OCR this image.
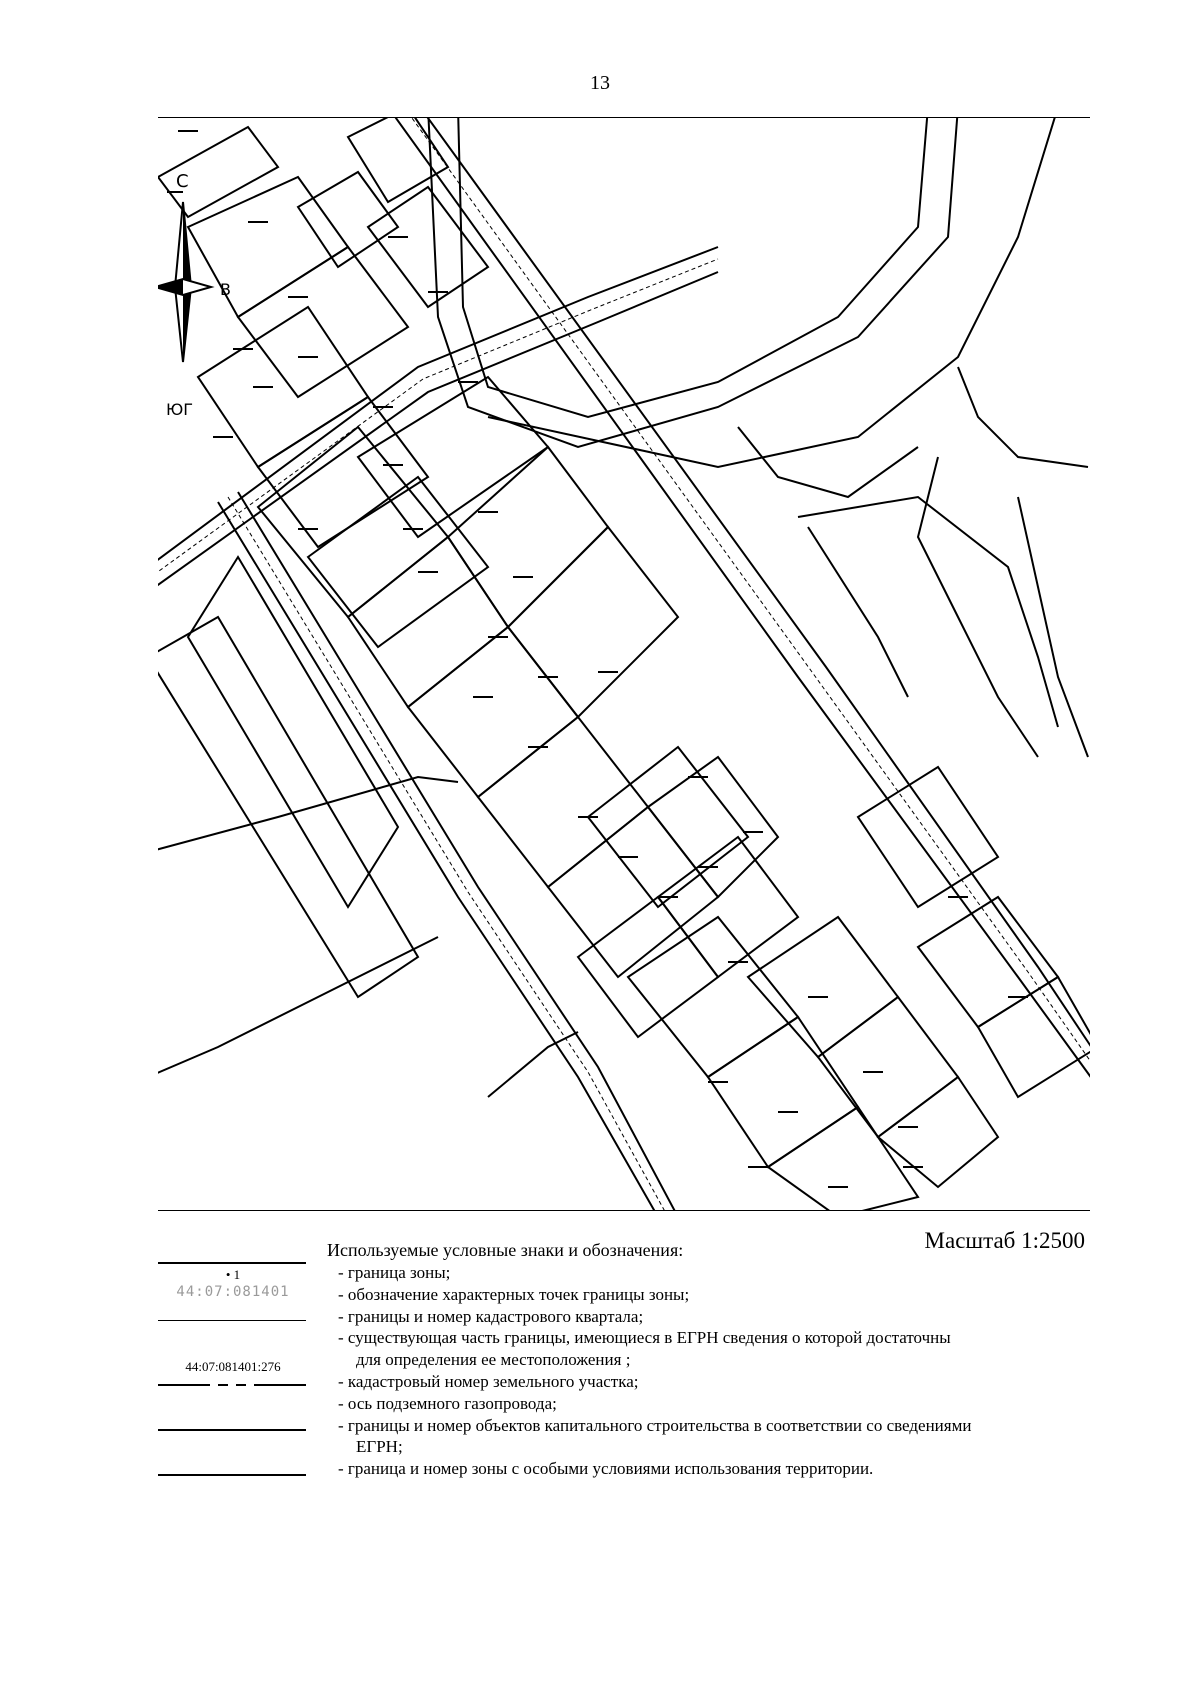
13
С
В
ЮГ
Масштаб 1:2500
Используемые условные знаки и обозначения:
• 1
44:07:081401
44:07:081401:276
- граница зоны;
- обозначение характерных точек границы зоны;
- границы и номер кадастрового квартала;
- существующая часть границы, имеющиеся в ЕГРН сведения о которой достаточны
для определения ее местоположения ;
- кадастровый номер земельного участка;
- ось подземного газопровода;
- границы и номер объектов капитального строительства в соответствии со сведениями
ЕГРН;
- граница и номер зоны с особыми условиями использования территории.
